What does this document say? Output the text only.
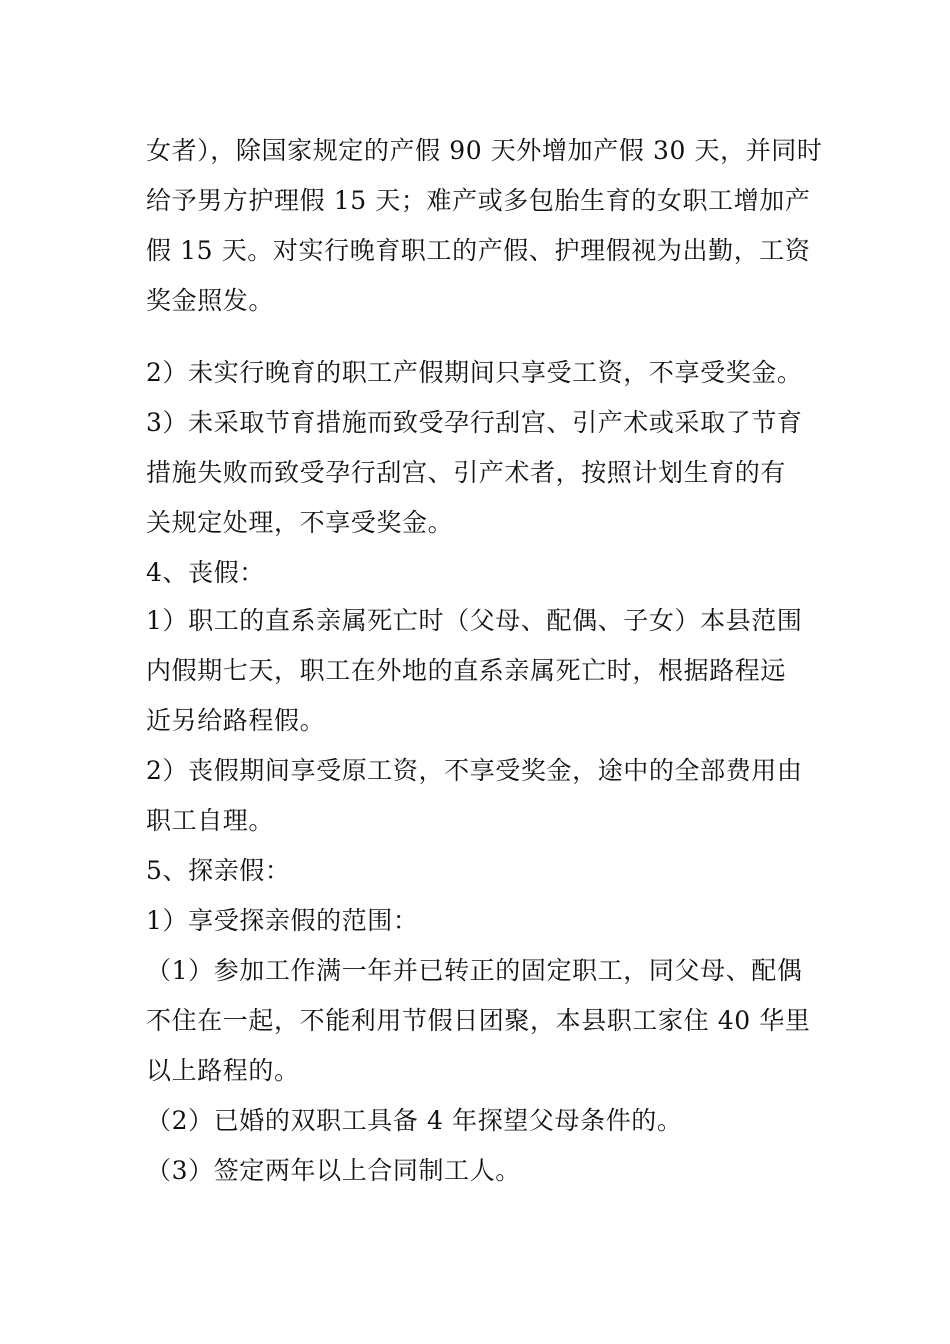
女者），除国家规定的产假 90 天外增加产假 30 天，并同时
给予男方护理假 15 天；难产或多包胎生育的女职工增加产
假 15 天。对实行晚育职工的产假、护理假视为出勤，工资
奖金照发。
2）未实行晚育的职工产假期间只享受工资，不享受奖金。
3）未采取节育措施而致受孕行刮宫、引产术或采取了节育
措施失败而致受孕行刮宫、引产术者，按照计划生育的有
关规定处理，不享受奖金。
4、丧假：
1）职工的直系亲属死亡时（父母、配偶、子女）本县范围
内假期七天，职工在外地的直系亲属死亡时，根据路程远
近另给路程假。
2）丧假期间享受原工资，不享受奖金，途中的全部费用由
职工自理。
5、探亲假：
1）享受探亲假的范围：
（1）参加工作满一年并已转正的固定职工，同父母、配偶
不住在一起，不能利用节假日团聚，本县职工家住 40 华里
以上路程的。
（2）已婚的双职工具备 4 年探望父母条件的。
（3）签定两年以上合同制工人。
